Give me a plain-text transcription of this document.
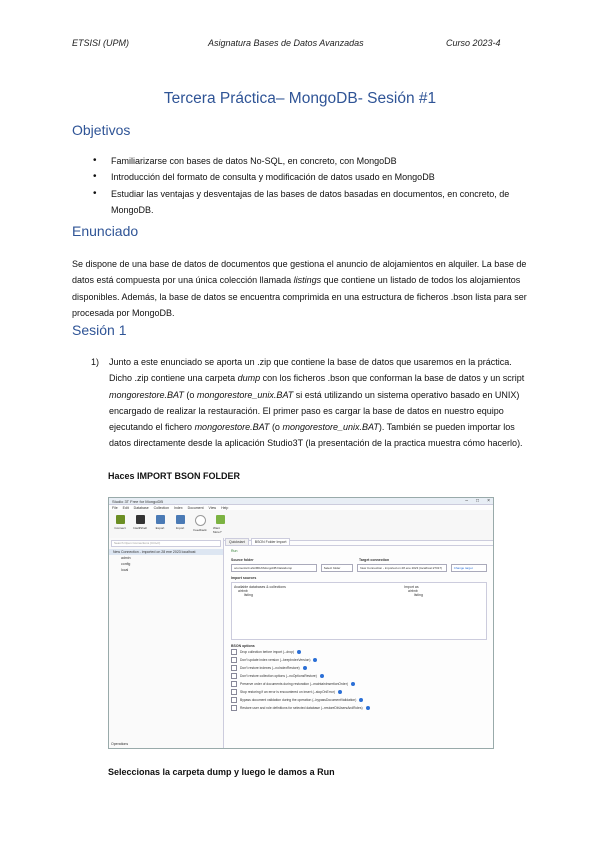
ETSISI (UPM)	Asignatura Bases de Datos Avanzadas	Curso 2023-4
Tercera Práctica– MongoDB- Sesión #1
Objetivos
• Familiarizarse con bases de datos No-SQL, en concreto, con MongoDB
• Introducción del formato de consulta y modificación de datos usado en MongoDB
• Estudiar las ventajas y desventajas de las bases de datos basadas en documentos, en concreto, de MongoDB.
Enunciado
Se dispone de una base de datos de documentos que gestiona el anuncio de alojamientos en alquiler. La base de datos está compuesta por una única colección llamada listings que contiene un listado de todos los alojamientos disponibles. Además, la base de datos se encuentra comprimida en una estructura de ficheros .bson lista para ser procesada por MongoDB.
Sesión 1
1) Junto a este enunciado se aporta un .zip que contiene la base de datos que usaremos en la práctica. Dicho .zip contiene una carpeta dump con los ficheros .bson que conforman la base de datos y un script mongorestore.BAT (o mongorestore_unix.BAT si está utilizando un sistema operativo basado en UNIX) encargado de realizar la restauración. El primer paso es cargar la base de datos en nuestro equipo ejecutando el fichero mongorestore.BAT (o mongorestore_unix.BAT). También se pueden importar los datos directamente desde la aplicación Studio3T (la presentación de la practica muestra cómo hacerlo).
Haces IMPORT BSON FOLDER
Studio 3T Free for MongoDB	– □ ×
File Edit Database Collection Index Document View Help
Connect	IntelliShell	Export	Import	Feedback Want More?
Search Open Connections (Ctrl+F)
New Connection - imported on 28 ene 2023 localhost
admin
config
local
Operations
Quickstart	BSON Folder Import
Run
Source folder	Target connection
ocuments\4 año\BDA\MongoDB Data\dump	Select folder	New Connection - imported on 28 ene 2023 (localhost:27017)	Change target
Import sources
Available databases & collections	Import as
airbnb	airbnb
listing	listing
BSON options
Drop collection before import (--drop)
Don't update index version (--keepIndexVersion)
Don't restore indexes (--noIndexRestore)
Don't restore collection options (--noOptionsRestore)
Preserve order of documents during restoration (--maintainInsertionOrder)
Stop restoring if an error is encountered on insert (--stopOnError)
Bypass document validation during the operation (--bypassDocumentValidation)
Restore user and role definitions for selected database (--restoreDbUsersAndRoles)
Seleccionas la carpeta dump y luego le damos a Run
